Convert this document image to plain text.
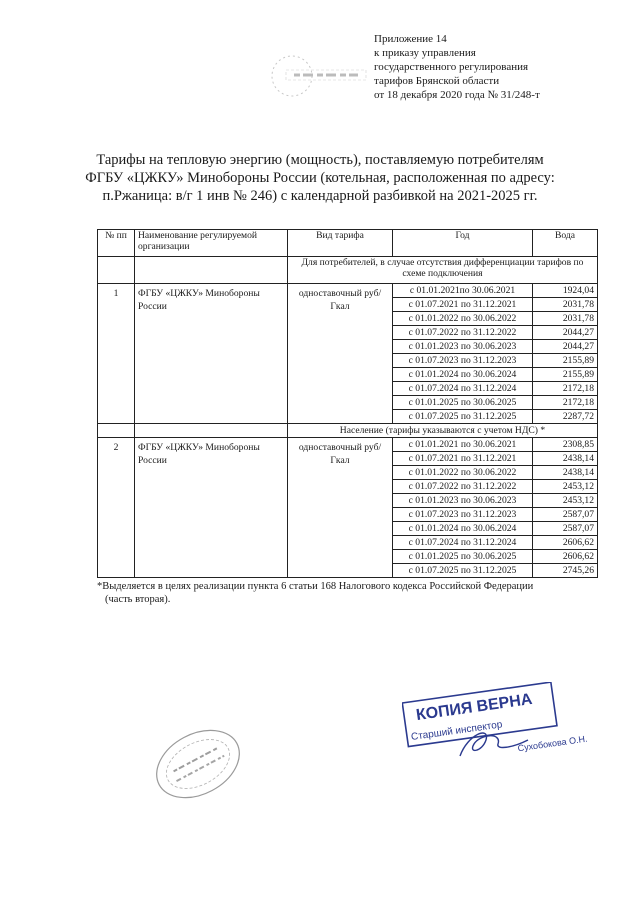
Приложение 14
к приказу управления
государственного регулирования
тарифов Брянской области
от 18 декабря 2020 года № 31/248-т
Тарифы на тепловую энергию (мощность), поставляемую потребителям
ФГБУ «ЦЖКУ» Минобороны России (котельная, расположенная по адресу:
п.Ржаница: в/г 1 инв № 246) с календарной разбивкой на 2021-2025 гг.
№ пп	Наименование регулируемой организации	Вид тарифа	Год	Вода
		Для потребителей, в случае отсутствия дифференциации тарифов по схеме подключения		
1	ФГБУ «ЦЖКУ» Минобороны России	одноставочный руб/Гкал	с 01.01.2021по 30.06.2021	1924,04
			с 01.07.2021 по 31.12.2021	2031,78
			с 01.01.2022 по 30.06.2022	2031,78
			с 01.07.2022 по 31.12.2022	2044,27
			с 01.01.2023 по 30.06.2023	2044,27
			с 01.07.2023 по 31.12.2023	2155,89
			с 01.01.2024 по 30.06.2024	2155,89
			с 01.07.2024 по 31.12.2024	2172,18
			с 01.01.2025 по 30.06.2025	2172,18
			с 01.07.2025 по 31.12.2025	2287,72
		Население (тарифы указываются с учетом НДС) *		
2	ФГБУ «ЦЖКУ» Минобороны России	одноставочный руб/Гкал	с 01.01.2021 по 30.06.2021	2308,85
			с 01.07.2021 по 31.12.2021	2438,14
			с 01.01.2022 по 30.06.2022	2438,14
			с 01.07.2022 по 31.12.2022	2453,12
			с 01.01.2023 по 30.06.2023	2453,12
			с 01.07.2023 по 31.12.2023	2587,07
			с 01.01.2024 по 30.06.2024	2587,07
			с 01.07.2024 по 31.12.2024	2606,62
			с 01.01.2025 по 30.06.2025	2606,62
			с 01.07.2025 по 31.12.2025	2745,26
*Выделяется в целях реализации пункта 6 статьи 168 Налогового кодекса Российской Федерации
(часть вторая).
КОПИЯ ВЕРНА
Старший инспектор
Сухобокова О.Н.
